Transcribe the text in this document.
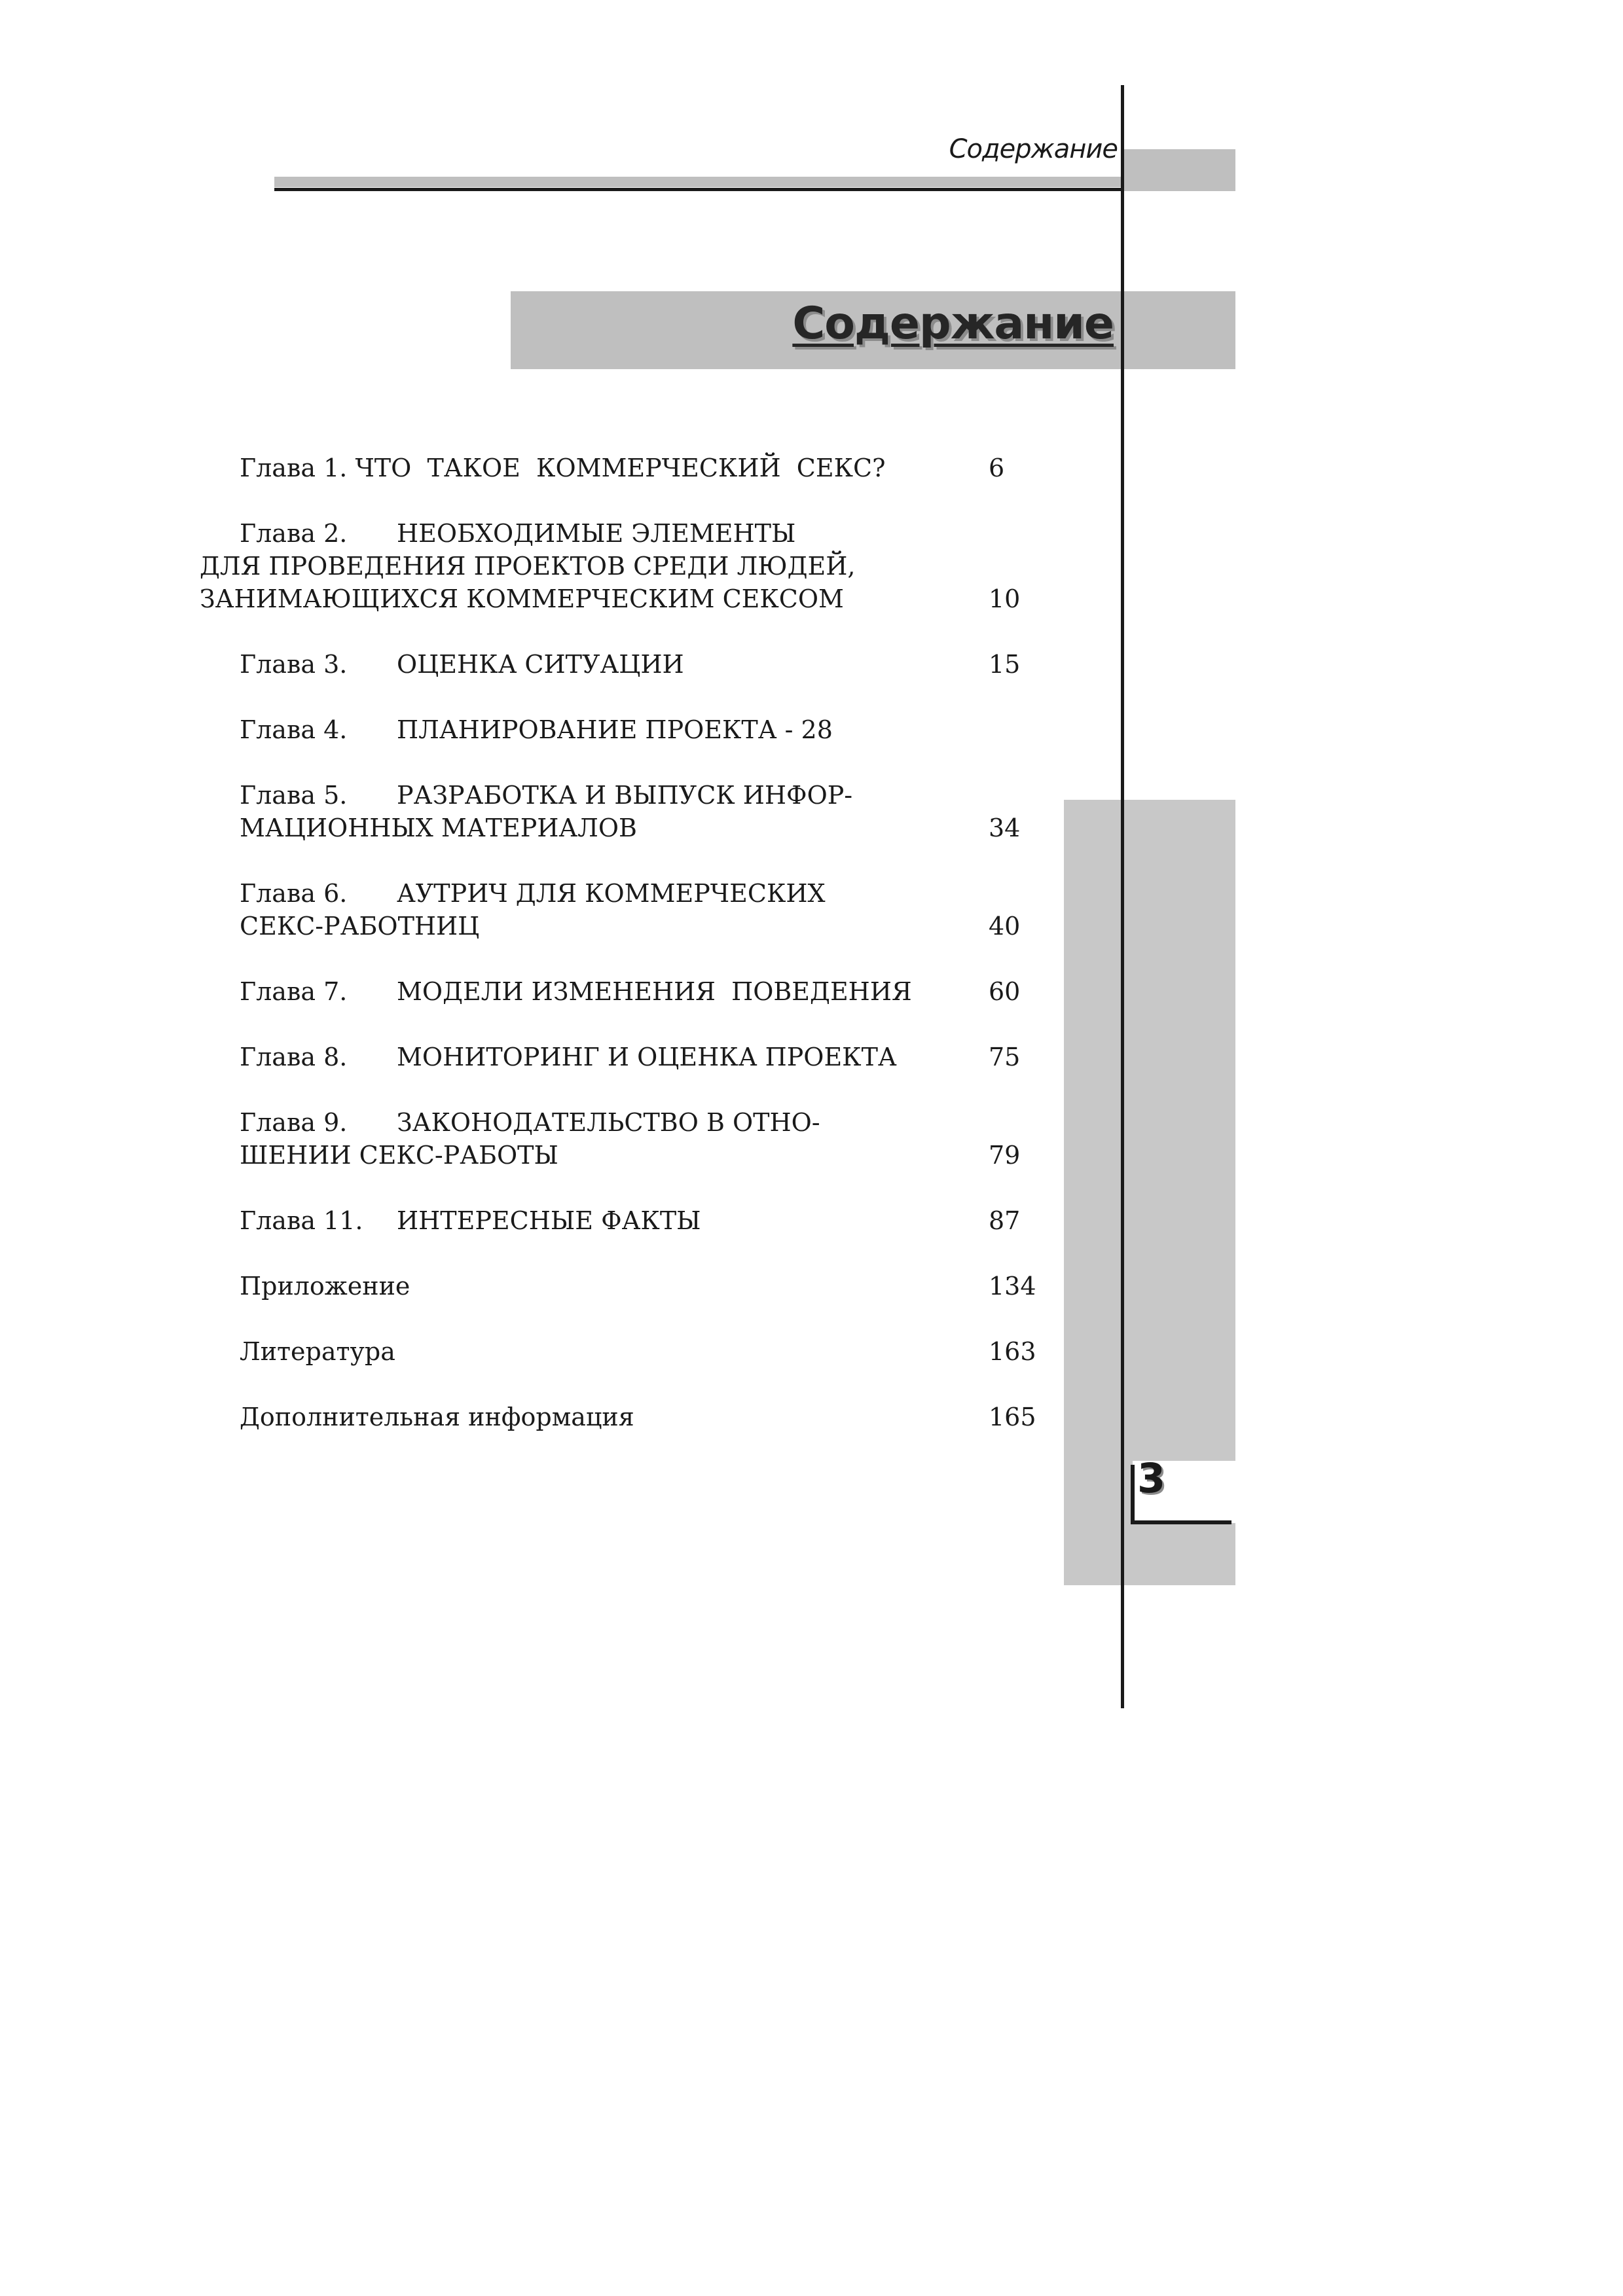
Содержание
Содержание
3
Глава 1. ЧТО  ТАКОЕ  КОММЕРЧЕСКИЙ  СЕКС?	6
Глава 2. НЕОБХОДИМЫЕ ЭЛЕМЕНТЫ
ДЛЯ ПРОВЕДЕНИЯ ПРОЕКТОВ СРЕДИ ЛЮДЕЙ,
ЗАНИМАЮЩИХСЯ КОММЕРЧЕСКИМ СЕКСОМ	10
Глава 3. ОЦЕНКА СИТУАЦИИ	15
Глава 4. ПЛАНИРОВАНИЕ ПРОЕКТА - 28
Глава 5. РАЗРАБОТКА И ВЫПУСК ИНФОР-
МАЦИОННЫХ МАТЕРИАЛОВ	34
Глава 6. АУТРИЧ ДЛЯ КОММЕРЧЕСКИХ
СЕКС-РАБОТНИЦ	40
Глава 7. МОДЕЛИ ИЗМЕНЕНИЯ  ПОВЕДЕНИЯ	60
Глава 8. МОНИТОРИНГ И ОЦЕНКА ПРОЕКТА	75
Глава 9. ЗАКОНОДАТЕЛЬСТВО В ОТНО-
ШЕНИИ СЕКС-РАБОТЫ	79
Глава 11. ИНТЕРЕСНЫЕ ФАКТЫ	87
Приложение	134
Литература	163
Дополнительная информация	165
